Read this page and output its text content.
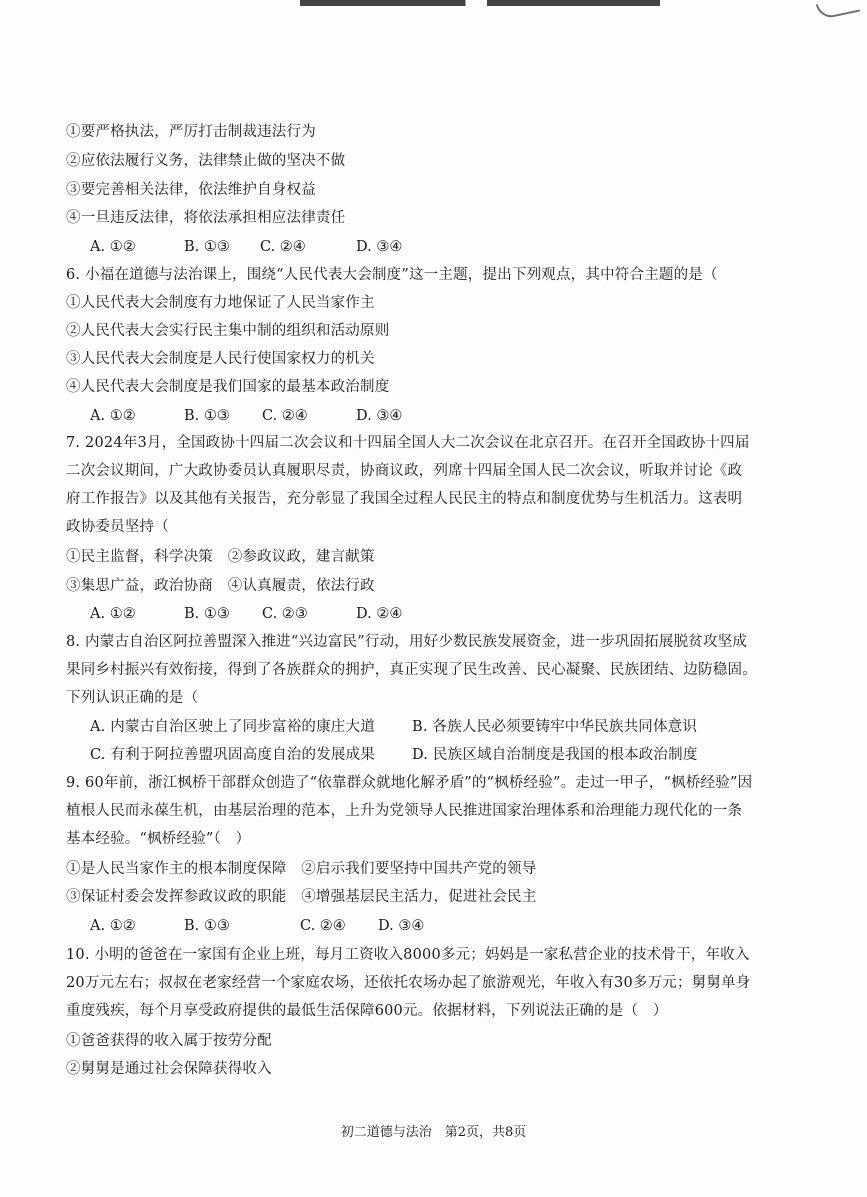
①要严格执法，严厉打击制裁违法行为
②应依法履行义务，法律禁止做的坚决不做
③要完善相关法律，依法维护自身权益
④一旦违反法律，将依法承担相应法律责任
A. ①②	B. ①③ C. ②④	D. ③④
6. 小福在道德与法治课上，围绕“人民代表大会制度”这一主题，提出下列观点，其中符合主题的是（
①人民代表大会制度有力地保证了人民当家作主
②人民代表大会实行民主集中制的组织和活动原则
③人民代表大会制度是人民行使国家权力的机关
④人民代表大会制度是我们国家的最基本政治制度
A. ①②	B. ①③ C. ②④	D. ③④
7. 2024年3月，全国政协十四届二次会议和十四届全国人大二次会议在北京召开。在召开全国政协十四届
二次会议期间，广大政协委员认真履职尽责，协商议政，列席十四届全国人民二次会议，听取并讨论《政
府工作报告》以及其他有关报告，充分彰显了我国全过程人民民主的特点和制度优势与生机活力。这表明
政协委员坚持（
①民主监督，科学决策　②参政议政，建言献策
③集思广益，政治协商　④认真履责，依法行政
A. ①②	B. ①③ C. ②③	D. ②④
8. 内蒙古自治区阿拉善盟深入推进“兴边富民”行动，用好少数民族发展资金，进一步巩固拓展脱贫攻坚成
果同乡村振兴有效衔接，得到了各族群众的拥护，真正实现了民生改善、民心凝聚、民族团结、边防稳固。
下列认识正确的是（
A. 内蒙古自治区驶上了同步富裕的康庄大道	B. 各族人民必须要铸牢中华民族共同体意识
C. 有利于阿拉善盟巩固高度自治的发展成果	D. 民族区域自治制度是我国的根本政治制度
9. 60年前，浙江枫桥干部群众创造了“依靠群众就地化解矛盾”的“枫桥经验”。走过一甲子，“枫桥经验”因
植根人民而永葆生机，由基层治理的范本，上升为党领导人民推进国家治理体系和治理能力现代化的一条
基本经验。“枫桥经验”（　）
①是人民当家作主的根本制度保障　②启示我们要坚持中国共产党的领导
③保证村委会发挥参政议政的职能　④增强基层民主活力，促进社会民主
A. ①②	B. ①③	C. ②④ D. ③④
10. 小明的爸爸在一家国有企业上班，每月工资收入8000多元；妈妈是一家私营企业的技术骨干，年收入
20万元左右；叔叔在老家经营一个家庭农场，还依托农场办起了旅游观光，年收入有30多万元；舅舅单身
重度残疾，每个月享受政府提供的最低生活保障600元。依据材料，下列说法正确的是（　）
①爸爸获得的收入属于按劳分配
②舅舅是通过社会保障获得收入
初二道德与法治　第2页，共8页
